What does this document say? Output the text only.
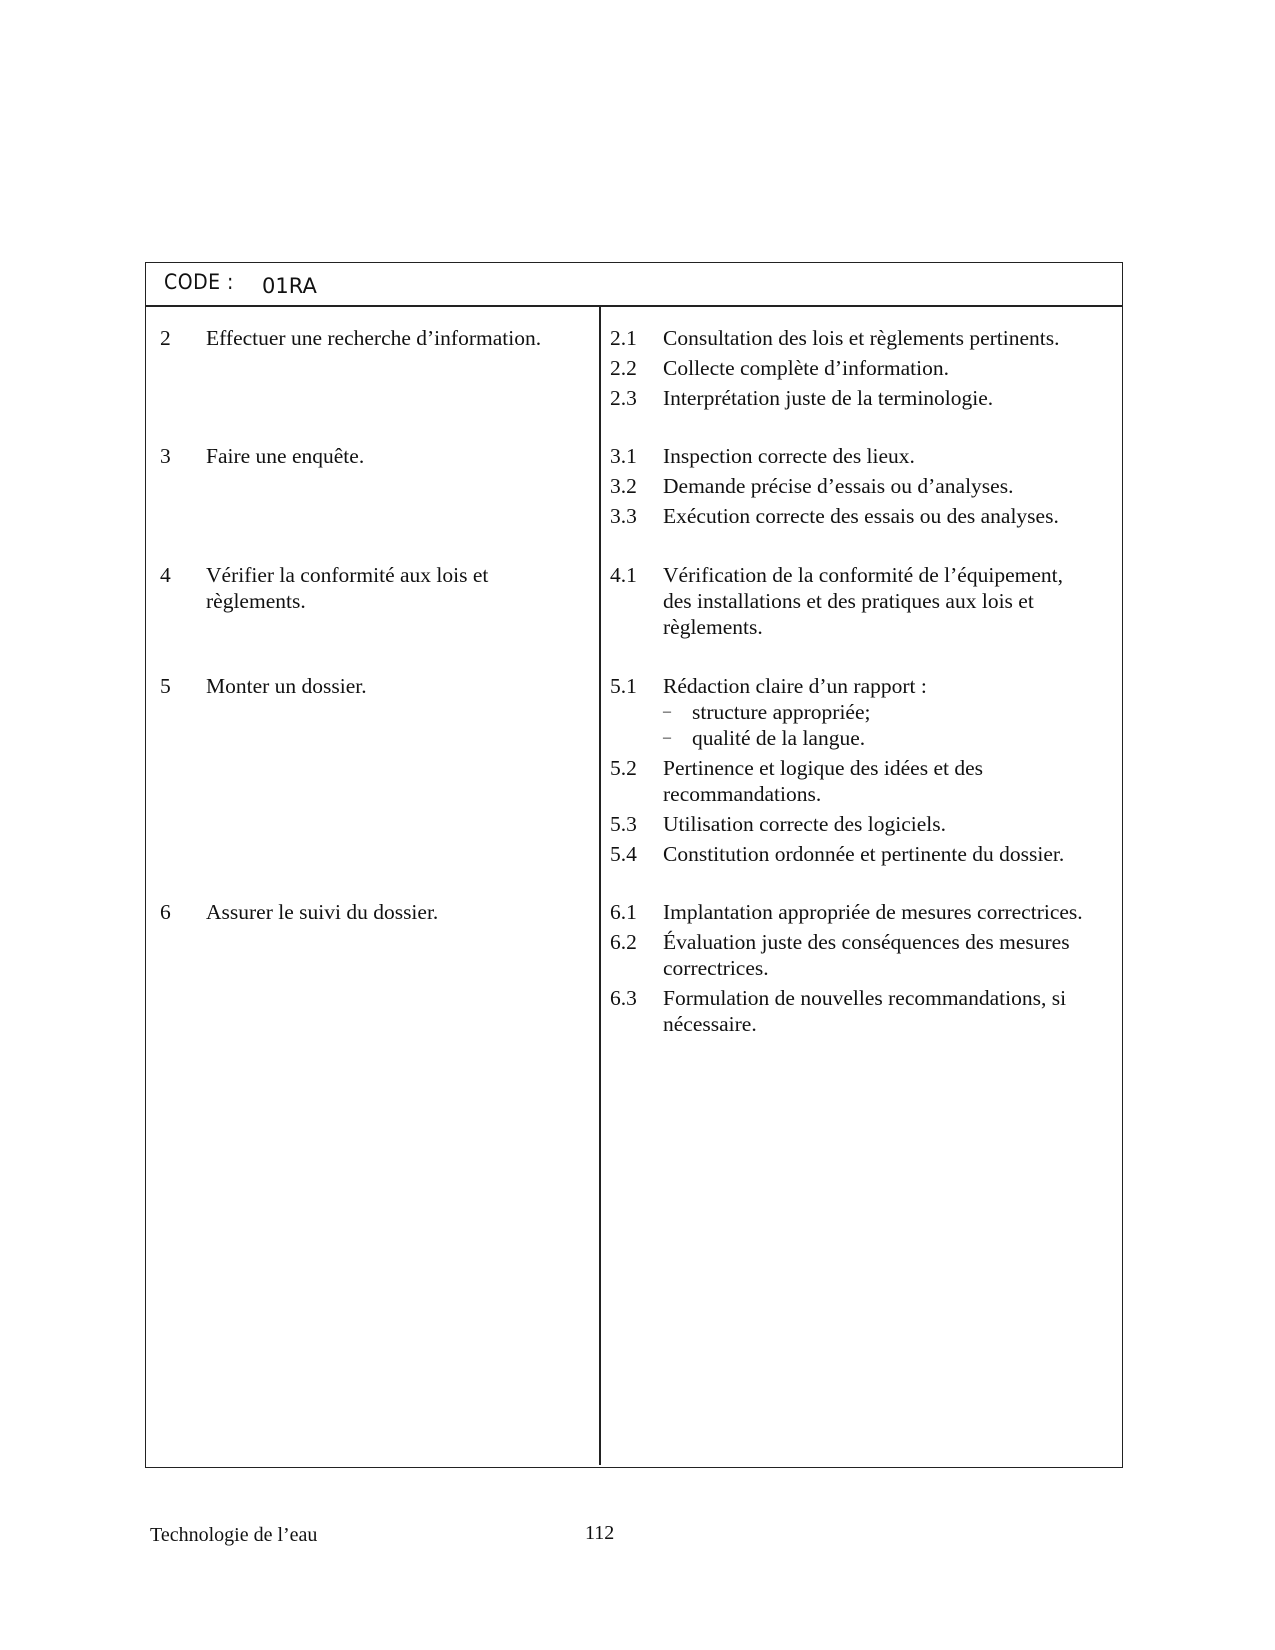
CODE : 01RA
2 Effectuer une recherche d’information.
3 Faire une enquête.
4 Vérifier la conformité aux lois et règlements.
5 Monter un dossier.
6 Assurer le suivi du dossier.
2.1 Consultation des lois et règlements pertinents.
2.2 Collecte complète d’information.
2.3 Interprétation juste de la terminologie.
3.1 Inspection correcte des lieux.
3.2 Demande précise d’essais ou d’analyses.
3.3 Exécution correcte des essais ou des analyses.
4.1 Vérification de la conformité de l’équipement, des installations et des pratiques aux lois et règlements.
5.1 Rédaction claire d’un rapport :
– structure appropriée;
– qualité de la langue.
5.2 Pertinence et logique des idées et des recommandations.
5.3 Utilisation correcte des logiciels.
5.4 Constitution ordonnée et pertinente du dossier.
6.1 Implantation appropriée de mesures correctrices.
6.2 Évaluation juste des conséquences des mesures correctrices.
6.3 Formulation de nouvelles recommandations, si nécessaire.
Technologie de l’eau	112
